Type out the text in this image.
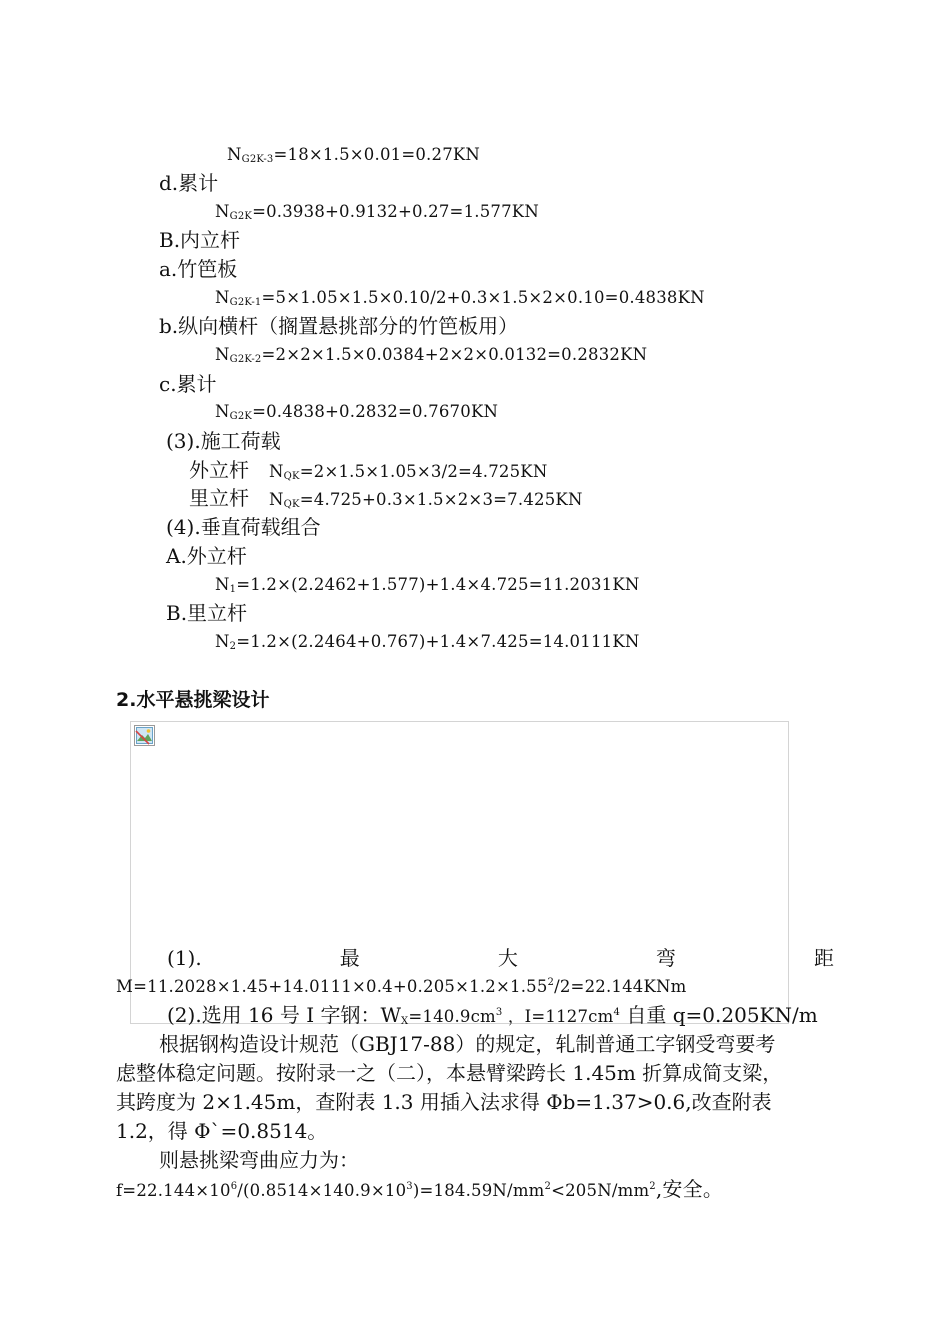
$N_{G2K-3}=18\times 1.5\times 0.01=0.27KN$
d.累计
$N_{G2K}=0.3938+0.9132+0.27=1.577KN$
B.内立杆
a.竹笆板
$N_{G2K-1}=5\times 1.05\times 1.5\times 0.10/2+0.3\times 1.5\times 2\times 0.10=0.4838KN$
b.纵向横杆（搁置悬挑部分的竹笆板用）
$N_{G2K-2}=2\times 2\times 1.5\times 0.0384+2\times 2\times 0.0132=0.2832KN$
c.累计
$N_{G2K}=0.4838+0.2832=0.7670KN$
(3).施工荷载
外立杆 $N_{QK}=2\times 1.5\times 1.05\times 3/2=4.725KN$
里立杆 $N_{QK}=4.725+0.3\times 1.5\times 2\times 3=7.425KN$
(4).垂直荷载组合
A.外立杆
$N_1=1.2\times(2.2462+1.577)+1.4\times 4.725=11.2031KN$
B.里立杆
$N_2=1.2\times(2.2464+0.767)+1.4\times 7.425=14.0111KN$
2.水平悬挑梁设计
(1).	最	大	弯	距
$M=11.2028\times 1.45+14.0111\times 0.4+0.205\times 1.2\times 1.55^2/2=22.144KNm$
(2).选用 16 号 I 字钢：$W_X=140.9cm^3$ ，$I=1127cm^4$ 自重 q=0.205KN/m
根据钢构造设计规范（GBJ17-88）的规定，轧制普通工字钢受弯要考
虑整体稳定问题。按附录一之（二），本悬臂梁跨长 1.45m 折算成简支梁，
其跨度为 2×1.45m，查附表 1.3 用插入法求得 Φb=1.37>0.6,改查附表
1.2，得 Φ`=0.8514。
则悬挑梁弯曲应力为：
$f=22.144\times 10^6/(0.8514\times 140.9\times 10^3)=184.59N/mm^2<205N/mm^2$,安全。
